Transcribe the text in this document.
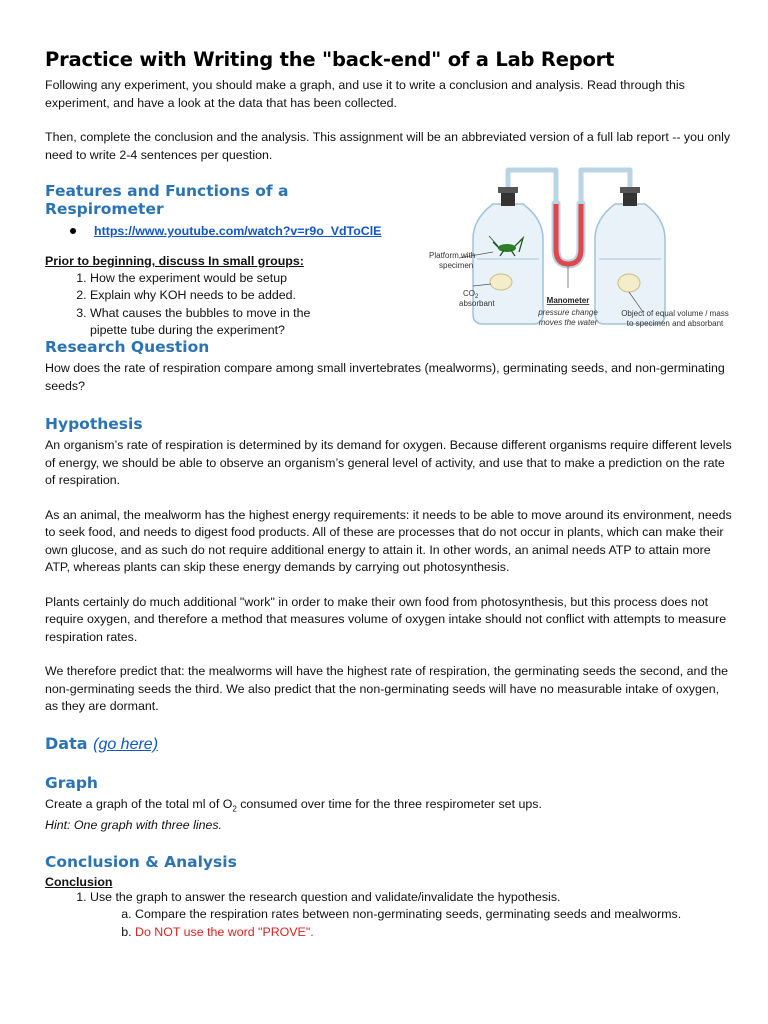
Practice with Writing the "back-end" of a Lab Report

Following any experiment, you should make a graph, and use it to write a conclusion and analysis. Read through this experiment, and have a look at the data that has been collected.

Then, complete the conclusion and the analysis. This assignment will be an abbreviated version of a full lab report -- you only need to write 2-4 sentences per question.

Features and Functions of a Respirometer
https://www.youtube.com/watch?v=r9o_VdToClE
Prior to beginning, discuss In small groups:
1. How the experiment would be setup
2. Explain why KOH needs to be added.
3. What causes the bubbles to move in the pipette tube during the experiment?
Platform with
specimen
$CO_2$
absorbant	Manometer
pressure change
moves the water
Object of equal volume / mass
to specimen and absorbant
Research Question

How does the rate of respiration compare among small invertebrates (mealworms), germinating seeds, and non-germinating seeds?

Hypothesis

An organism’s rate of respiration is determined by its demand for oxygen. Because different organisms require different levels of energy, we should be able to observe an organism’s general level of activity, and use that to make a prediction on the rate of respiration.

As an animal, the mealworm has the highest energy requirements: it needs to be able to move around its environment, needs to seek food, and needs to digest food products. All of these are processes that do not occur in plants, which can make their own glucose, and as such do not require additional energy to attain it. In other words, an animal needs ATP to attain more ATP, whereas plants can skip these energy demands by carrying out photosynthesis.

Plants certainly do much additional "work" in order to make their own food from photosynthesis, but this process does not require oxygen, and therefore a method that measures volume of oxygen intake should not conflict with attempts to measure respiration rates.

We therefore predict that: the mealworms will have the highest rate of respiration, the germinating seeds the second, and the non-germinating seeds the third. We also predict that the non-germinating seeds will have no measurable intake of oxygen, as they are dormant.

Data (go here)
Graph

Create a graph of the total ml of $O_2$ consumed over time for the three respirometer set ups.

Hint: One graph with three lines.

Conclusion & Analysis
Conclusion
1. Use the graph to answer the research question and validate/invalidate the hypothesis.
a. Compare the respiration rates between non-germinating seeds, germinating seeds and mealworms.
b. Do NOT use the word "PROVE".
